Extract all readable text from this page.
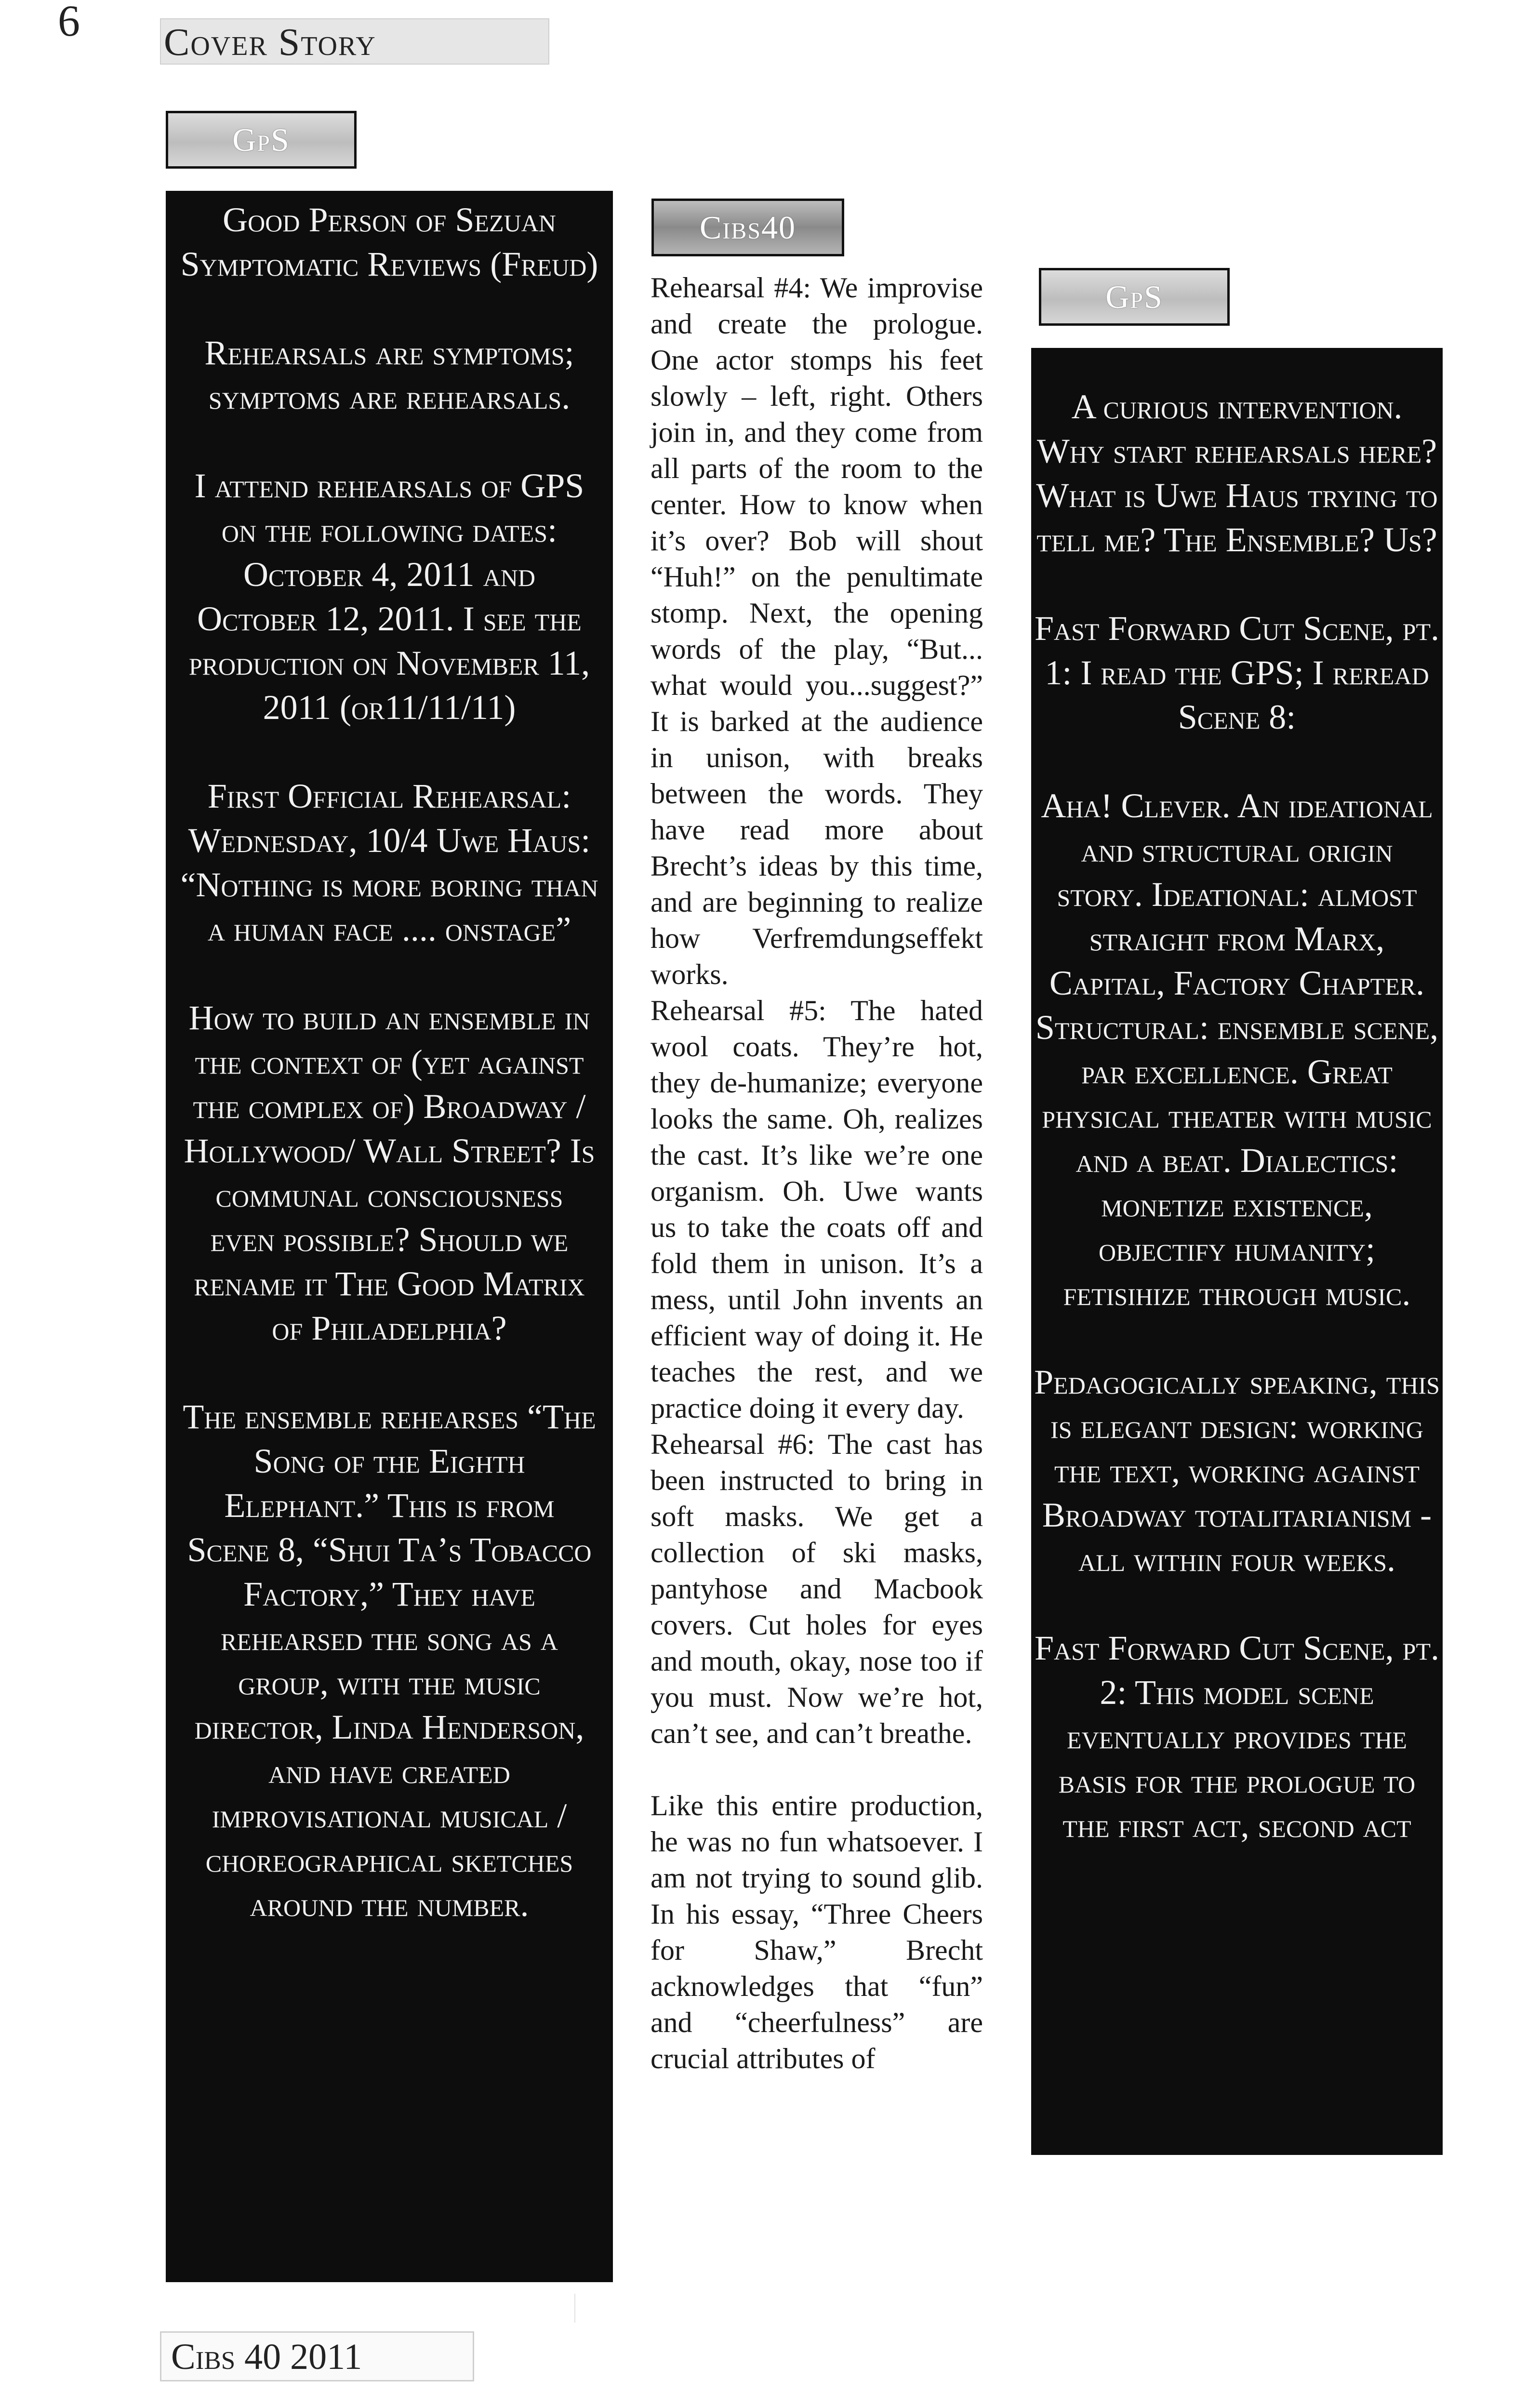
6 Cover Story
GpS
Cibs40
GpS

Good Person of Sezuan Symptomatic Reviews (Freud)

Rehearsals are symptoms; symptoms are rehearsals.

I attend rehearsals of GPS on the following dates: October 4, 2011 and October 12, 2011. I see the production on November 11, 2011 (or11/11/11)

First Official Rehearsal: Wednesday, 10/4 Uwe Haus: “Nothing is more boring than a human face .... onstage”

How to build an ensemble in the context of (yet against the complex of) Broadway / Hollywood/ Wall Street? Is communal consciousness even possible? Should we rename it The Good Matrix of Philadelphia?

The ensemble rehearses “The Song of the Eighth Elephant.” This is from Scene 8, “Shui Ta’s Tobacco Factory,” They have rehearsed the song as a group, with the music director, Linda Henderson, and have created improvisational musical / choreographical sketches around the number.

Rehearsal #4: We improvise and create the prologue. One actor stomps his feet slowly – left, right. Others join in, and they come from all parts of the room to the center. How to know when it’s over? Bob will shout “Huh!” on the penultimate stomp. Next, the opening words of the play, “But... what would you...suggest?” It is barked at the audience in unison, with breaks between the words. They have read more about Brecht’s ideas by this time, and are beginning to realize how Verfremdungseffekt works.

Rehearsal #5: The hated wool coats. They’re hot, they de-humanize; everyone looks the same. Oh, realizes the cast. It’s like we’re one organism. Oh. Uwe wants us to take the coats off and fold them in unison. It’s a mess, until John invents an efficient way of doing it. He teaches the rest, and we practice doing it every day.

Rehearsal #6: The cast has been instructed to bring in soft masks. We get a collection of ski masks, pantyhose and Macbook covers. Cut holes for eyes and mouth, okay, nose too if you must. Now we’re hot, can’t see, and can’t breathe.

Like this entire production, he was no fun whatsoever. I am not trying to sound glib. In his essay, “Three Cheers for Shaw,” Brecht acknowledges that “fun” and “cheerfulness” are crucial attributes of

A curious intervention. Why start rehearsals here? What is Uwe Haus trying to tell me? The Ensemble? Us?

Fast Forward Cut Scene, pt. 1: I read the GPS; I reread Scene 8:

Aha! Clever. An ideational and structural origin story. Ideational: almost straight from Marx, Capital, Factory Chapter. Structural: ensemble scene, par excellence. Great physical theater with music and a beat. Dialectics: monetize existence, objectify humanity; fetisihize through music.

Pedagogically speaking, this is elegant design: working the text, working against Broadway totalitarianism - all within four weeks.

Fast Forward Cut Scene, pt. 2: This model scene eventually provides the basis for the prologue to the first act, second act

Cibs 40 2011
